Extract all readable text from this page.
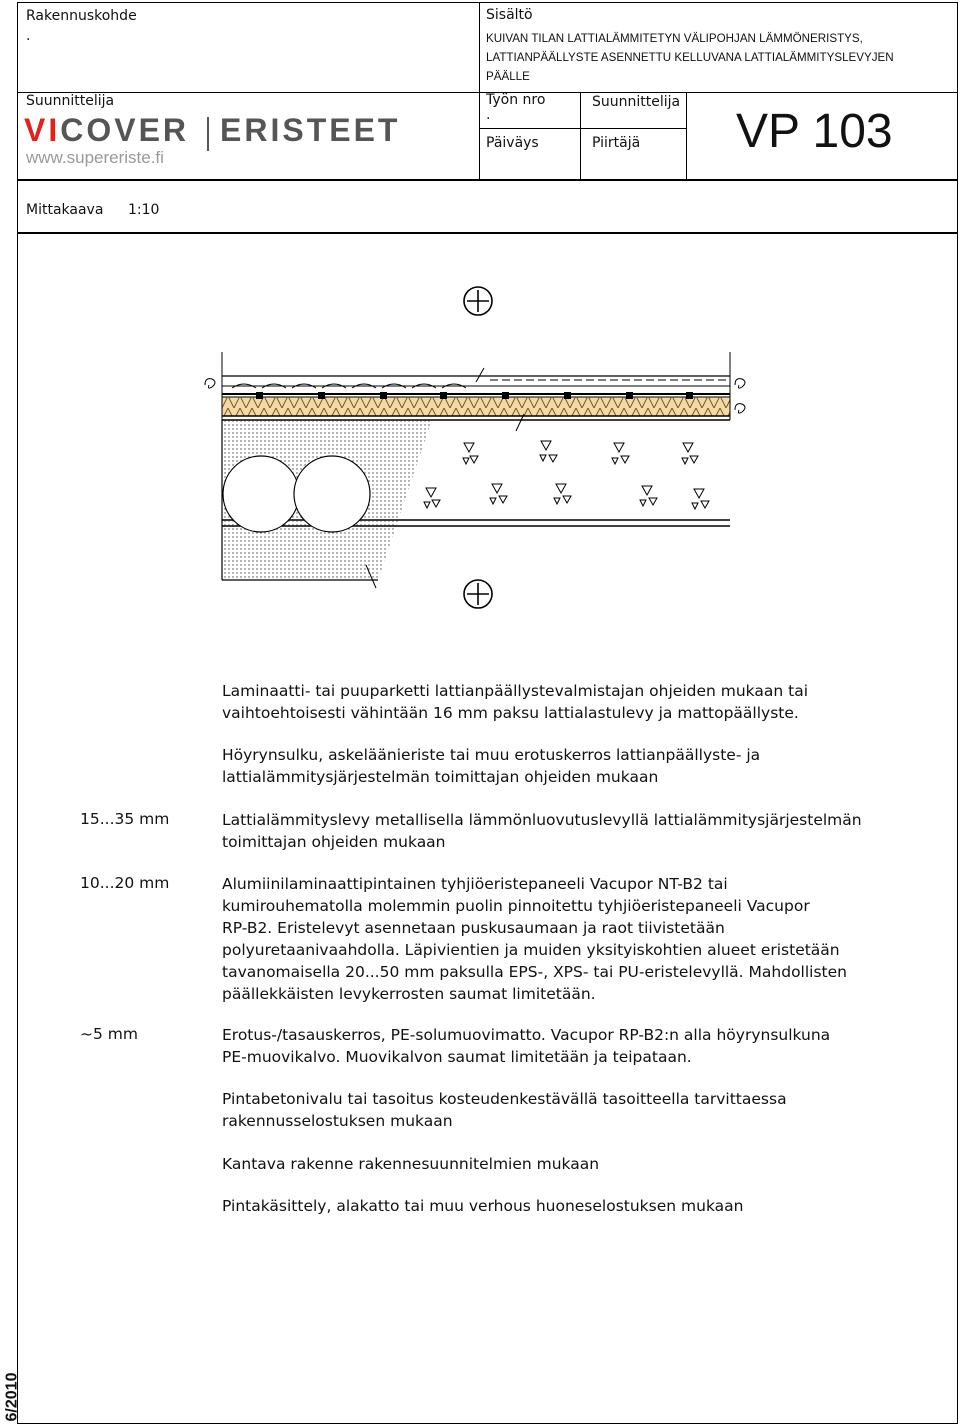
Rakennuskohde
.
Sisältö
KUIVAN TILAN LATTIALÄMMITETYN VÄLIPOHJAN LÄMMÖNERISTYS,
LATTIANPÄÄLLYSTE ASENNETTU KELLUVANA LATTIALÄMMITYSLEVYJEN
PÄÄLLE
Suunnittelija
VICOVER ERISTEET
www.supereriste.fi
Työn nro
.
Suunnittelija
Päiväys	Piirtäjä VP 103
Mittakaava 1:10
Laminaatti- tai puuparketti lattianpäällystevalmistajan ohjeiden mukaan tai
vaihtoehtoisesti vähintään 16 mm paksu lattialastulevy ja mattopäällyste.
Höyrynsulku, askeläänieriste tai muu erotuskerros lattianpäällyste- ja
lattialämmitysjärjestelmän toimittajan ohjeiden mukaan
15...35 mm	Lattialämmityslevy metallisella lämmönluovutuslevyllä lattialämmitysjärjestelmän
toimittajan ohjeiden mukaan
10...20 mm	Alumiinilaminaattipintainen tyhjiöeristepaneeli Vacupor NT-B2 tai
kumirouhematolla molemmin puolin pinnoitettu tyhjiöeristepaneeli Vacupor
RP-B2. Eristelevyt asennetaan puskusaumaan ja raot tiivistetään
polyuretaanivaahdolla. Läpivientien ja muiden yksityiskohtien alueet eristetään
tavanomaisella 20...50 mm paksulla EPS-, XPS- tai PU-eristelevyllä. Mahdollisten
päällekkäisten levykerrosten saumat limitetään.
~5 mm	Erotus-/tasauskerros, PE-solumuovimatto. Vacupor RP-B2:n alla höyrynsulkuna
PE-muovikalvo. Muovikalvon saumat limitetään ja teipataan.
Pintabetonivalu tai tasoitus kosteudenkestävällä tasoitteella tarvittaessa
rakennusselostuksen mukaan
Kantava rakenne rakennesuunnitelmien mukaan
Pintakäsittely, alakatto tai muu verhous huoneselostuksen mukaan
6/2010
